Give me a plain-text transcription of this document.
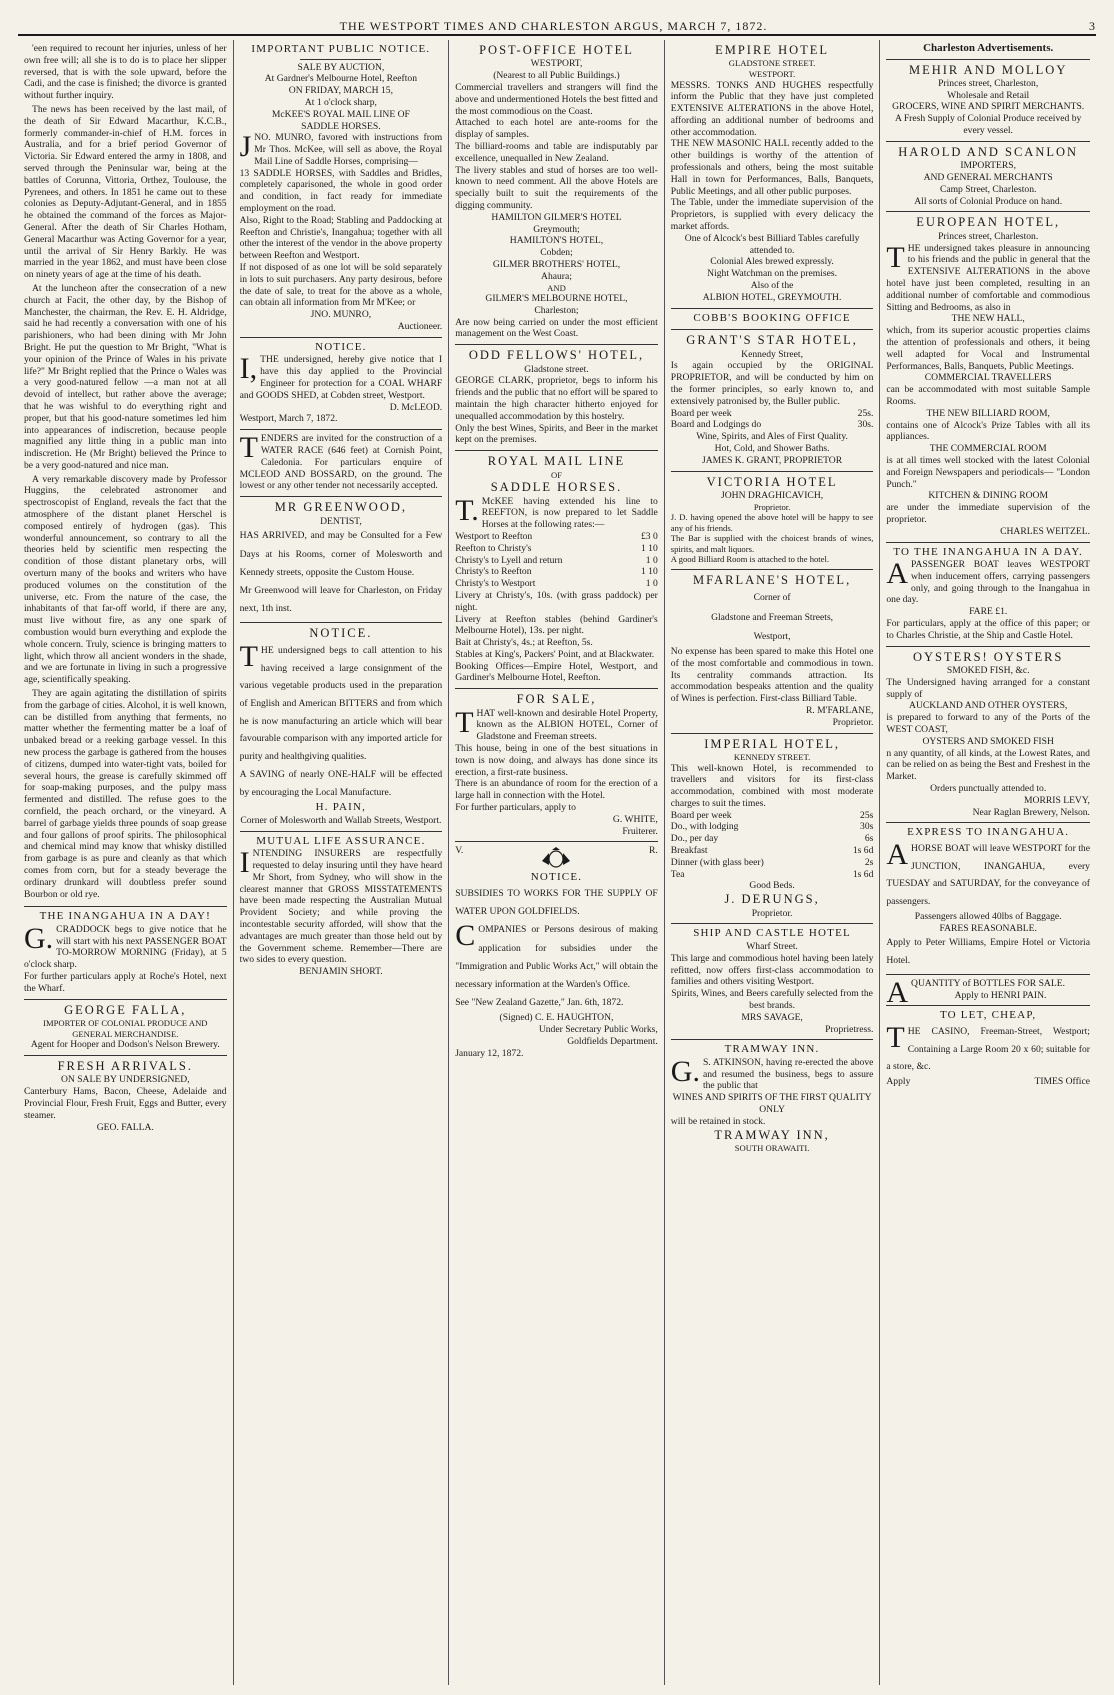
THE WESTPORT TIMES AND CHARLESTON ARGUS, MARCH 7, 1872.	3

'een required to recount her injuries, unless of her own free will; all she is to do is to place her slipper reversed, that is with the sole upward, before the Cadi, and the case is finished; the divorce is granted without further inquiry.

The news has been received by the last mail, of the death of Sir Edward Macarthur, K.C.B., formerly commander-in-chief of H.M. forces in Australia, and for a brief period Governor of Victoria. Sir Edward entered the army in 1808, and served through the Peninsular war, being at the battles of Corunna, Vittoria, Orthez, Toulouse, the Pyrenees, and others. In 1851 he came out to these colonies as Deputy-Adjutant-General, and in 1855 he obtained the command of the forces as Major-General. After the death of Sir Charles Hotham, General Macarthur was Acting Governor for a year, until the arrival of Sir Henry Barkly. He was married in the year 1862, and must have been close on ninety years of age at the time of his death.

At the luncheon after the consecration of a new church at Facit, the other day, by the Bishop of Manchester, the chairman, the Rev. E. H. Aldridge, said he had recently a conversation with one of his parishioners, who had been dining with Mr John Bright. He put the question to Mr Bright, "What is your opinion of the Prince of Wales in his private life?" Mr Bright replied that the Prince o Wales was a very good-natured fellow —a man not at all devoid of intellect, but rather above the average; that he was wishful to do everything right and proper, but that his good-nature sometimes led him into appearances of indiscretion, because people magnified any little thing in a public man into indiscretion. He (Mr Bright) believed the Prince to be a very good-natured and nice man.

A very remarkable discovery made by Professor Huggins, the celebrated astronomer and spectroscopist of England, reveals the fact that the atmosphere of the distant planet Herschel is composed entirely of hydrogen (gas). This wonderful announcement, so contrary to all the theories held by scientific men respecting the condition of those distant planetary orbs, will overturn many of the books and writers who have produced volumes on the constitution of the universe, etc. From the nature of the case, the inhabitants of that far-off world, if there are any, must live without fire, as any one spark of combustion would burn everything and explode the whole concern. Truly, science is bringing matters to light, which throw all ancient wonders in the shade, and we are fortunate in living in such a progressive age, scientifically speaking.

They are again agitating the distillation of spirits from the garbage of cities. Alcohol, it is well known, can be distilled from anything that ferments, no matter whether the fermenting matter be a loaf of unbaked bread or a reeking garbage vessel. In this new process the garbage is gathered from the houses of citizens, dumped into water-tight vats, boiled for several hours, the grease is carefully skimmed off for soap-making purposes, and the pulpy mass fermented and distilled. The refuse goes to the cornfield, the peach orchard, or the vineyard. A barrel of garbage yields three pounds of soap grease and four gallons of proof spirits. The philosophical and chemical mind may know that whisky distilled from garbage is as pure and cleanly as that which comes from corn, but for a steady beverage the ordinary drunkard will doubtless prefer sound Bourbon or old rye.

THE INANGAHUA IN A DAY!
G.CRADDOCK begs to give notice that he will start with his next PASSENGER BOAT TO-MORROW MORNING (Friday), at 5 o'clock sharp.
For further particulars apply at Roche's Hotel, next the Wharf.
GEORGE FALLA,
IMPORTER OF COLONIAL PRODUCE AND GENERAL MERCHANDISE.
Agent for Hooper and Dodson's Nelson Brewery.
FRESH ARRIVALS.
ON SALE BY UNDERSIGNED,
Canterbury Hams, Bacon, Cheese, Adelaide and Provincial Flour, Fresh Fruit, Eggs and Butter, every steamer.
GEO. FALLA.
IMPORTANT PUBLIC NOTICE.
SALE BY AUCTION,
At Gardner's Melbourne Hotel, Reefton
ON FRIDAY, MARCH 15,
At 1 o'clock sharp,
McKEE'S ROYAL MAIL LINE OF
SADDLE HORSES.
JNO. MUNRO, favored with instructions from Mr Thos. McKee, will sell as above, the Royal Mail Line of Saddle Horses, comprising—
13 SADDLE HORSES, with Saddles and Bridles, completely caparisoned, the whole in good order and condition, in fact ready for immediate employment on the road.
Also, Right to the Road; Stabling and Paddocking at Reefton and Christie's, Inangahua; together with all other the interest of the vendor in the above property between Reefton and Westport.
If not disposed of as one lot will be sold separately in lots to suit purchasers. Any party desirous, before the date of sale, to treat for the above as a whole, can obtain all information from Mr M'Kee; or
JNO. MUNRO,
Auctioneer.
NOTICE.
I,THE undersigned, hereby give notice that I have this day applied to the Provincial Engineer for protection for a COAL WHARF and GOODS SHED, at Cobden street, Westport.
D. McLEOD.
Westport, March 7, 1872.
TENDERS are invited for the construction of a WATER RACE (646 feet) at Cornish Point, Caledonia. For particulars enquire of MCLEOD AND BOSSARD, on the ground. The lowest or any other tender not necessarily accepted.
MR GREENWOOD,
DENTIST,
HAS ARRIVED, and may be Consulted for a Few Days at his Rooms, corner of Molesworth and Kennedy streets, opposite the Custom House.
Mr Greenwood will leave for Charleston, on Friday next, 1th inst.
NOTICE.
THE undersigned begs to call attention to his having received a large consignment of the various vegetable products used in the preparation of English and American BITTERS and from which he is now manufacturing an article which will bear favourable comparison with any imported article for purity and healthgiving qualities.
A SAVING of nearly ONE-HALF will be effected by encouraging the Local Manufacture.
H. PAIN,
Corner of Molesworth and Wallab Streets, Westport.
MUTUAL LIFE ASSURANCE.
INTENDING INSURERS are respectfully requested to delay insuring until they have heard Mr Short, from Sydney, who will show in the clearest manner that GROSS MISSTATEMENTS have been made respecting the Australian Mutual Provident Society; and while proving the incontestable security afforded, will show that the advantages are much greater than those held out by the Government scheme. Remember—There are two sides to every question.
BENJAMIN SHORT.
POST-OFFICE HOTEL
WESTPORT,
(Nearest to all Public Buildings.)
Commercial travellers and strangers will find the above and undermentioned Hotels the best fitted and the most commodious on the Coast.
Attached to each hotel are ante-rooms for the display of samples.
The billiard-rooms and table are indisputably par excellence, unequalled in New Zealand.
The livery stables and stud of horses are too well-known to need comment. All the above Hotels are specially built to suit the requirements of the digging community.
HAMILTON GILMER'S HOTEL
Greymouth;
HAMILTON'S HOTEL,
Cobden;
GILMER BROTHERS' HOTEL,
Ahaura;
AND
GILMER'S MELBOURNE HOTEL,
Charleston;
Are now being carried on under the most efficient management on the West Coast.
ODD FELLOWS' HOTEL,
Gladstone street.
GEORGE CLARK, proprietor, begs to inform his friends and the public that no effort will be spared to maintain the high character hitherto enjoyed for unequalled accommodation by this hostelry.
Only the best Wines, Spirits, and Beer in the market kept on the premises.
ROYAL MAIL LINE
OF
SADDLE HORSES.
T.McKEE having extended his line to REEFTON, is now prepared to let Saddle Horses at the following rates:—
Westport to Reefton	£3 0
Reefton to Christy's	1 10
Christy's to Lyell and return	1 0
Christy's to Reefton	1 10
Christy's to Westport	1 0
Livery at Christy's, 10s. (with grass paddock) per night.
Livery at Reefton stables (behind Gardiner's Melbourne Hotel), 13s. per night.
Bait at Christy's, 4s.; at Reefton, 5s.
Stables at King's, Packers' Point, and at Blackwater.
Booking Offices—Empire Hotel, Westport, and Gardiner's Melbourne Hotel, Reefton.
FOR SALE,
THAT well-known and desirable Hotel Property, known as the ALBION HOTEL, Corner of Gladstone and Freeman streets.
This house, being in one of the best situations in town is now doing, and always has done since its erection, a first-rate business.
There is an abundance of room for the erection of a large hall in connection with the Hotel.
For further particulars, apply to
G. WHITE,
Fruiterer.
V.	R.
NOTICE.
SUBSIDIES TO WORKS FOR THE SUPPLY OF WATER UPON GOLDFIELDS.
COMPANIES or Persons desirous of making application for subsidies under the "Immigration and Public Works Act," will obtain the necessary information at the Warden's Office.
See "New Zealand Gazette," Jan. 6th, 1872.
(Signed) C. E. HAUGHTON,
Under Secretary Public Works,
Goldfields Department.
January 12, 1872.
EMPIRE HOTEL
GLADSTONE STREET.
WESTPORT.
MESSRS. TONKS AND HUGHES respectfully inform the Public that they have just completed EXTENSIVE ALTERATIONS in the above Hotel, affording an additional number of bedrooms and other accommodation.
THE NEW MASONIC HALL recently added to the other buildings is worthy of the attention of professionals and others, being the most suitable Hall in town for Performances, Balls, Banquets, Public Meetings, and all other public purposes.
The Table, under the immediate supervision of the Proprietors, is supplied with every delicacy the market affords.
One of Alcock's best Billiard Tables carefully attended to.
Colonial Ales brewed expressly.
Night Watchman on the premises.
Also of the
ALBION HOTEL, GREYMOUTH.
COBB'S BOOKING OFFICE
GRANT'S STAR HOTEL,
Kennedy Street,
Is again occupied by the ORIGINAL PROPRIETOR, and will be conducted by him on the former principles, so early known to, and extensively patronised by, the Buller public.
Board per week	25s.
Board and Lodgings do	30s.
Wine, Spirits, and Ales of First Quality.
Hot, Cold, and Shower Baths.
JAMES K. GRANT, PROPRIETOR
VICTORIA HOTEL
JOHN DRAGHICAVICH,
Proprietor.
J. D. having opened the above hotel will be happy to see any of his friends.
The Bar is supplied with the choicest brands of wines, spirits, and malt liquors.
A good Billiard Room is attached to the hotel.
MFARLANE'S HOTEL,
Corner of
Gladstone and Freeman Streets,
Westport,
No expense has been spared to make this Hotel one of the most comfortable and commodious in town. Its centrality commands attraction. Its accommodation bespeaks attention and the quality of Wines is perfection. First-class Billiard Table.
R. M'FARLANE,
Proprietor.
IMPERIAL HOTEL,
KENNEDY STREET.
This well-known Hotel, is recommended to travellers and visitors for its first-class accommodation, combined with most moderate charges to suit the times.
Board per week	25s
Do., with lodging	30s
Do., per day	6s
Breakfast	1s 6d
Dinner (with glass beer)	2s
Tea	1s 6d
Good Beds.
J. DERUNGS,
Proprietor.
SHIP AND CASTLE HOTEL
Wharf Street.
This large and commodious hotel having been lately refitted, now offers first-class accommodation to families and others visiting Westport.
Spirits, Wines, and Beers carefully selected from the best brands.
MRS SAVAGE,
Proprietress.
TRAMWAY INN.
G.S. ATKINSON, having re-erected the above and resumed the business, begs to assure the public that
WINES AND SPIRITS OF THE FIRST QUALITY ONLY
will be retained in stock.
TRAMWAY INN,
SOUTH ORAWAITI.
Charleston Advertisements.
MEHIR AND MOLLOY
Princes street, Charleston,
Wholesale and Retail
GROCERS, WINE AND SPIRIT MERCHANTS.
A Fresh Supply of Colonial Produce received by every vessel.
HAROLD AND SCANLON
IMPORTERS,
AND GENERAL MERCHANTS
Camp Street, Charleston.
All sorts of Colonial Produce on hand.
EUROPEAN HOTEL,
Princes street, Charleston.
THE undersigned takes pleasure in announcing to his friends and the public in general that the EXTENSIVE ALTERATIONS in the above hotel have just been completed, resulting in an additional number of comfortable and commodious Sitting and Bedrooms, as also in
THE NEW HALL,
which, from its superior acoustic properties claims the attention of professionals and others, it being well adapted for Vocal and Instrumental Performances, Balls, Banquets, Public Meetings.
COMMERCIAL TRAVELLERS
can be accommodated with most suitable Sample Rooms.
THE NEW BILLIARD ROOM,
contains one of Alcock's Prize Tables with all its appliances.
THE COMMERCIAL ROOM
is at all times well stocked with the latest Colonial and Foreign Newspapers and periodicals— "London Punch."
KITCHEN & DINING ROOM
are under the immediate supervision of the proprietor.
CHARLES WEITZEL.
TO THE INANGAHUA IN A DAY.
APASSENGER BOAT leaves WESTPORT when inducement offers, carrying passengers only, and going through to the Inangahua in one day.
FARE £1.
For particulars, apply at the office of this paper; or to Charles Christie, at the Ship and Castle Hotel.
OYSTERS! OYSTERS
SMOKED FISH, &c.
The Undersigned having arranged for a constant supply of
AUCKLAND AND OTHER OYSTERS,
is prepared to forward to any of the Ports of the WEST COAST,
OYSTERS AND SMOKED FISH
n any quantity, of all kinds, at the Lowest Rates, and can be relied on as being the Best and Freshest in the Market.
Orders punctually attended to.
MORRIS LEVY,
Near Raglan Brewery, Nelson.
EXPRESS TO INANGAHUA.
AHORSE BOAT will leave WESTPORT for the JUNCTION, INANGAHUA, every TUESDAY and SATURDAY, for the conveyance of passengers.
Passengers allowed 40lbs of Baggage.
FARES REASONABLE.
Apply to Peter Williams, Empire Hotel or Victoria Hotel.
AQUANTITY of BOTTLES FOR SALE.
Apply to HENRI PAIN.
TO LET, CHEAP,
THE CASINO, Freeman-Street, Westport; Containing a Large Room 20 x 60; suitable for a store, &c.
Apply	TIMES Office
